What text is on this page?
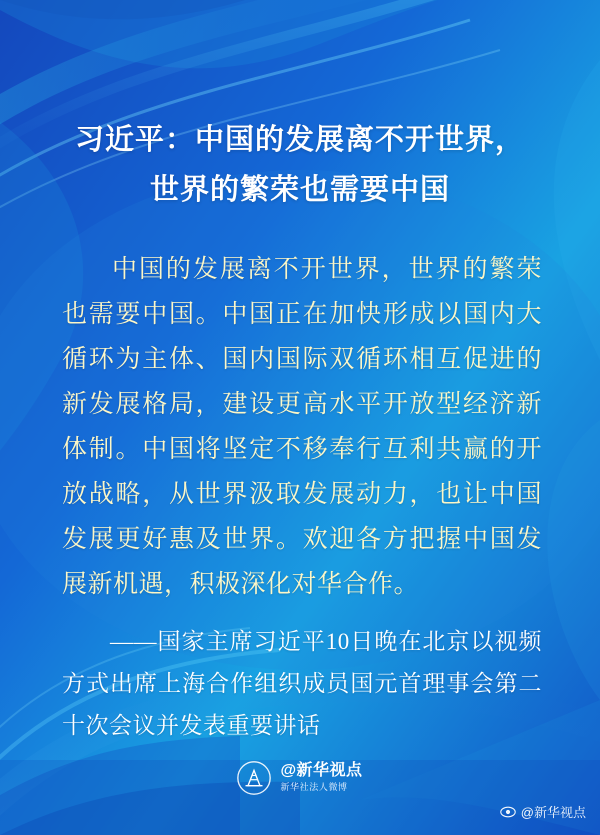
习近平：中国的发展离不开世界，
世界的繁荣也需要中国

中国的发展离不开世界，世界的繁荣也需要中国。中国正在加快形成以国内大循环为主体、国内国际双循环相互促进的新发展格局，建设更高水平开放型经济新体制。中国将坚定不移奉行互利共赢的开放战略，从世界汲取发展动力，也让中国发展更好惠及世界。欢迎各方把握中国发展新机遇，积极深化对华合作。

——国家主席习近平10日晚在北京以视频方式出席上海合作组织成员国元首理事会第二十次会议并发表重要讲话

@新华视点
新华社法人微博
@新华视点
